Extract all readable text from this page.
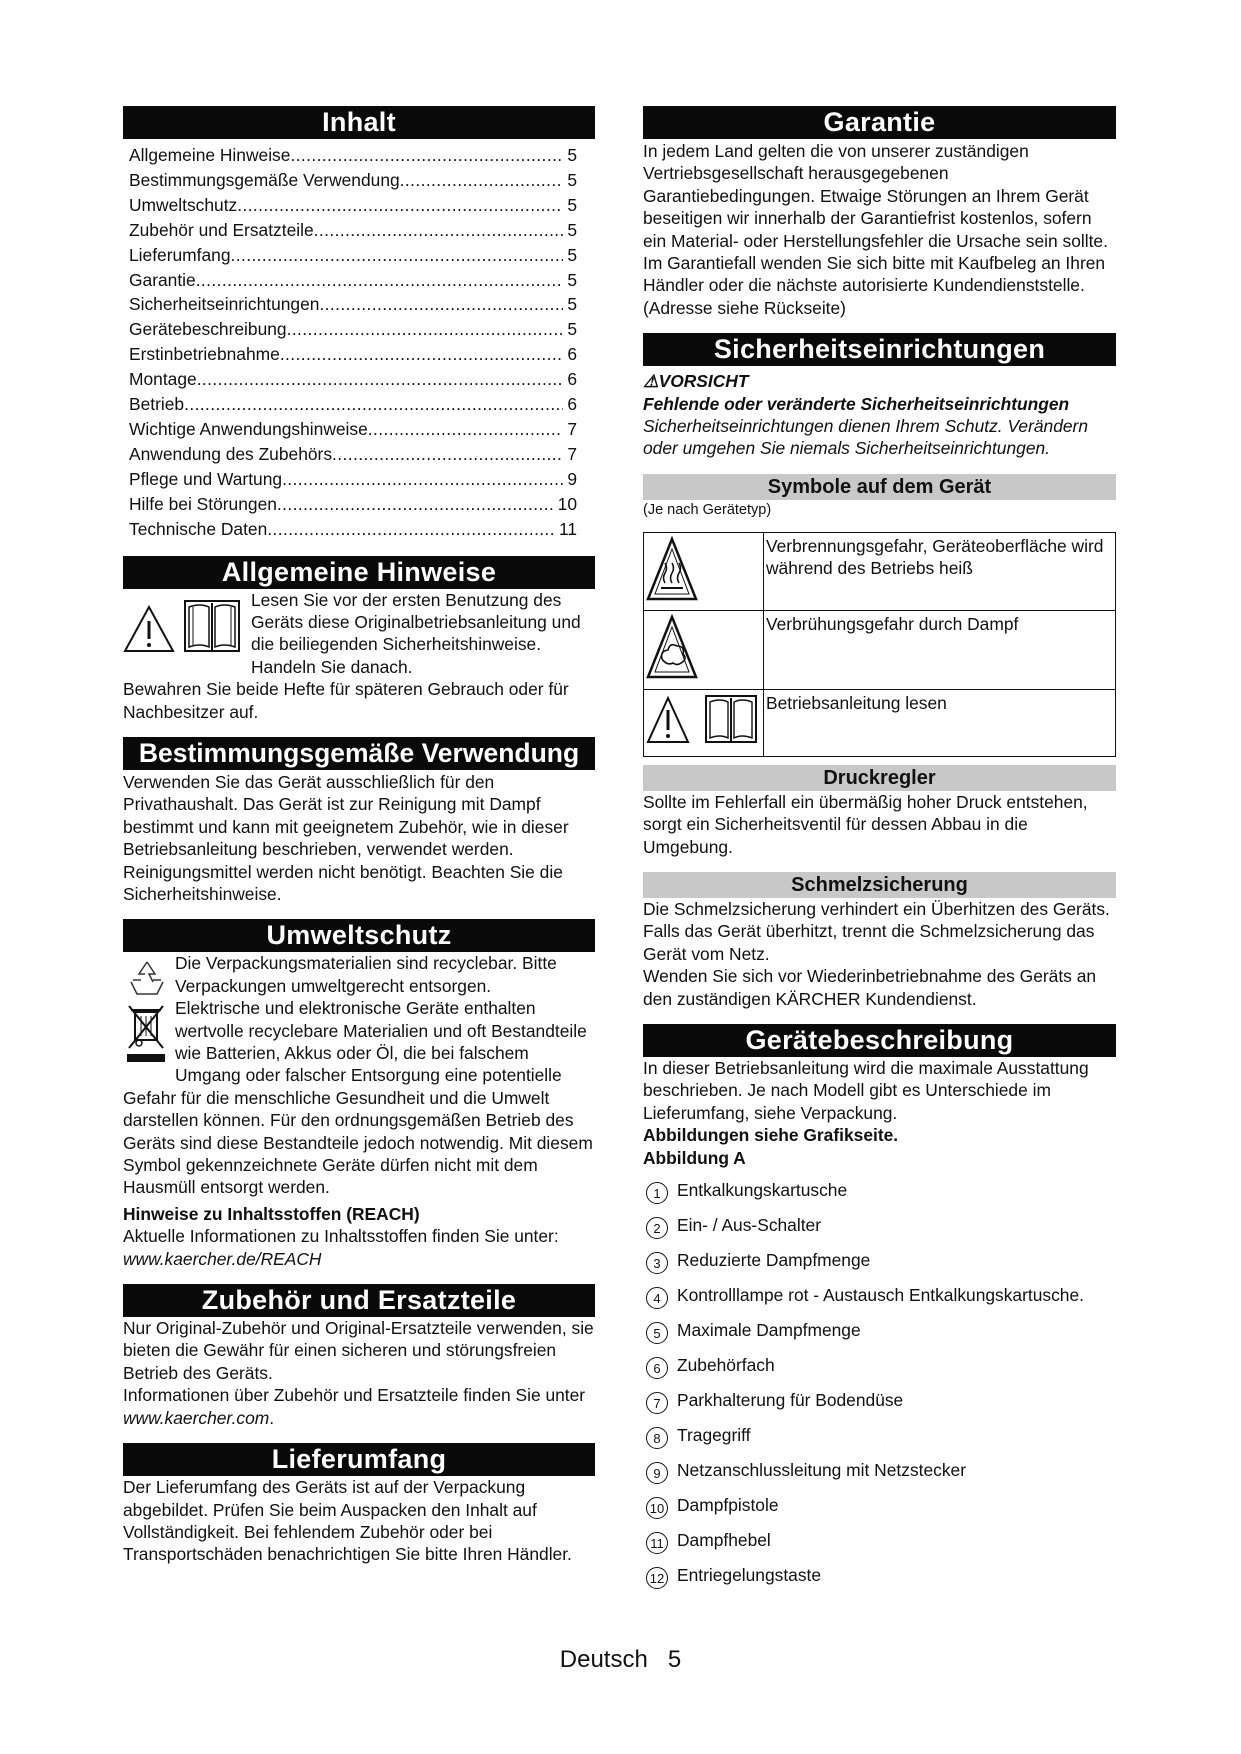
Inhalt
Allgemeine Hinweise .....	5
Bestimmungsgemäße Verwendung .....	5
Umweltschutz .....	5
Zubehör und Ersatzteile .....	5
Lieferumfang .....	5
Garantie .....	5
Sicherheitseinrichtungen .....	5
Gerätebeschreibung .....	5
Erstinbetriebnahme .....	6
Montage .....	6
Betrieb .....	6
Wichtige Anwendungshinweise .....	7
Anwendung des Zubehörs .....	7
Pflege und Wartung .....	9
Hilfe bei Störungen .....	10
Technische Daten .....	11
Allgemeine Hinweise

Lesen Sie vor der ersten Benutzung des Geräts diese Originalbetriebsanleitung und die beiliegenden Sicherheitshinweise. Handeln Sie danach.

Bewahren Sie beide Hefte für späteren Gebrauch oder für Nachbesitzer auf.

Bestimmungsgemäße Verwendung

Verwenden Sie das Gerät ausschließlich für den Privathaushalt. Das Gerät ist zur Reinigung mit Dampf bestimmt und kann mit geeignetem Zubehör, wie in dieser Betriebsanleitung beschrieben, verwendet werden. Reinigungsmittel werden nicht benötigt. Beachten Sie die Sicherheitshinweise.

Umweltschutz

Die Verpackungsmaterialien sind recyclebar. Bitte Verpackungen umweltgerecht entsorgen.

Elektrische und elektronische Geräte enthalten wertvolle recyclebare Materialien und oft Bestandteile wie Batterien, Akkus oder Öl, die bei falschem Umgang oder falscher Entsorgung eine potentielle Gefahr für die menschliche Gesundheit und die Umwelt darstellen können. Für den ordnungsgemäßen Betrieb des Geräts sind diese Bestandteile jedoch notwendig. Mit diesem Symbol gekennzeichnete Geräte dürfen nicht mit dem Hausmüll entsorgt werden.

Hinweise zu Inhaltsstoffen (REACH)

Aktuelle Informationen zu Inhaltsstoffen finden Sie unter: www.kaercher.de/REACH

Zubehör und Ersatzteile

Nur Original-Zubehör und Original-Ersatzteile verwenden, sie bieten die Gewähr für einen sicheren und störungsfreien Betrieb des Geräts.

Informationen über Zubehör und Ersatzteile finden Sie unter www.kaercher.com.

Lieferumfang

Der Lieferumfang des Geräts ist auf der Verpackung abgebildet. Prüfen Sie beim Auspacken den Inhalt auf Vollständigkeit. Bei fehlendem Zubehör oder bei Transportschäden benachrichtigen Sie bitte Ihren Händler.

Garantie

In jedem Land gelten die von unserer zuständigen Vertriebsgesellschaft herausgegebenen Garantiebedingungen. Etwaige Störungen an Ihrem Gerät beseitigen wir innerhalb der Garantiefrist kostenlos, sofern ein Material- oder Herstellungsfehler die Ursache sein sollte. Im Garantiefall wenden Sie sich bitte mit Kaufbeleg an Ihren Händler oder die nächste autorisierte Kundendienststelle.

(Adresse siehe Rückseite)

Sicherheitseinrichtungen

⚠VORSICHT

Fehlende oder veränderte Sicherheitseinrichtungen

Sicherheitseinrichtungen dienen Ihrem Schutz. Verändern oder umgehen Sie niemals Sicherheitseinrichtungen.

Symbole auf dem Gerät

(Je nach Gerätetyp)

	Verbrennungsgefahr, Geräteoberfläche wird während des Betriebs heiß
	Verbrühungsgefahr durch Dampf
	Betriebsanleitung lesen
Druckregler

Sollte im Fehlerfall ein übermäßig hoher Druck entstehen, sorgt ein Sicherheitsventil für dessen Abbau in die Umgebung.

Schmelzsicherung

Die Schmelzsicherung verhindert ein Überhitzen des Geräts. Falls das Gerät überhitzt, trennt die Schmelzsicherung das Gerät vom Netz.

Wenden Sie sich vor Wiederinbetriebnahme des Geräts an den zuständigen KÄRCHER Kundendienst.

Gerätebeschreibung

In dieser Betriebsanleitung wird die maximale Ausstattung beschrieben. Je nach Modell gibt es Unterschiede im Lieferumfang, siehe Verpackung.

Abbildungen siehe Grafikseite.

Abbildung A

1 Entkalkungskartusche
2 Ein- / Aus-Schalter
3 Reduzierte Dampfmenge
4 Kontrolllampe rot - Austausch Entkalkungskartusche.
5 Maximale Dampfmenge
6 Zubehörfach
7 Parkhalterung für Bodendüse
8 Tragegriff
9 Netzanschlussleitung mit Netzstecker
10 Dampfpistole
11 Dampfhebel
12 Entriegelungstaste
Deutsch 5
